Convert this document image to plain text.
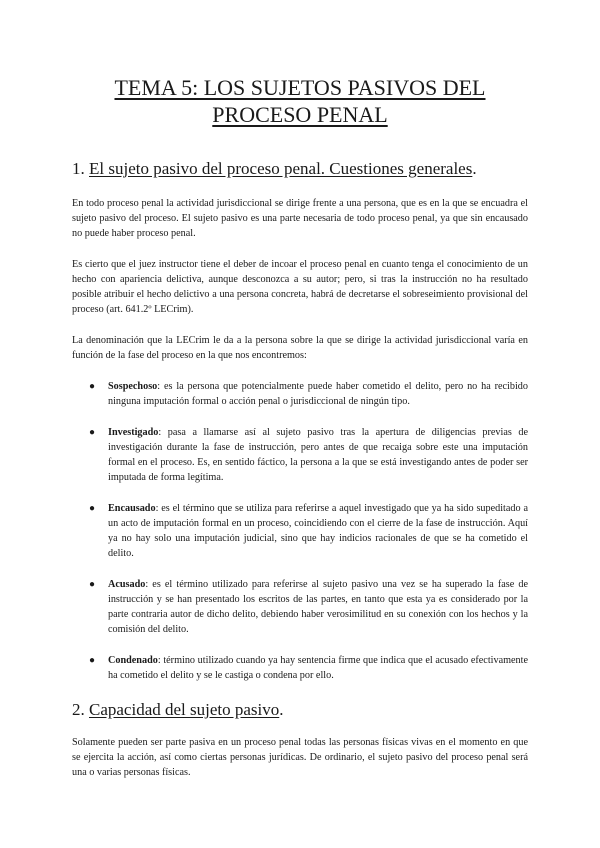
TEMA 5: LOS SUJETOS PASIVOS DEL
PROCESO PENAL
1. El sujeto pasivo del proceso penal. Cuestiones generales.

En todo proceso penal la actividad jurisdiccional se dirige frente a una persona, que es en la que se encuadra el sujeto pasivo del proceso. El sujeto pasivo es una parte necesaria de todo proceso penal, ya que sin encausado no puede haber proceso penal.

Es cierto que el juez instructor tiene el deber de incoar el proceso penal en cuanto tenga el conocimiento de un hecho con apariencia delictiva, aunque desconozca a su autor; pero, si tras la instrucción no ha resultado posible atribuir el hecho delictivo a una persona concreta, habrá de decretarse el sobreseimiento provisional del proceso (art. 641.2º LECrim).

La denominación que la LECrim le da a la persona sobre la que se dirige la actividad jurisdiccional varía en función de la fase del proceso en la que nos encontremos:

● Sospechoso: es la persona que potencialmente puede haber cometido el delito, pero no ha recibido ninguna imputación formal o acción penal o jurisdiccional de ningún tipo.
● Investigado: pasa a llamarse así al sujeto pasivo tras la apertura de diligencias previas de investigación durante la fase de instrucción, pero antes de que recaiga sobre este una imputación formal en el proceso. Es, en sentido fáctico, la persona a la que se está investigando antes de poder ser imputada de forma legítima.
● Encausado: es el término que se utiliza para referirse a aquel investigado que ya ha sido supeditado a un acto de imputación formal en un proceso, coincidiendo con el cierre de la fase de instrucción. Aquí ya no hay solo una imputación judicial, sino que hay indicios racionales de que se ha cometido el delito.
● Acusado: es el término utilizado para referirse al sujeto pasivo una vez se ha superado la fase de instrucción y se han presentado los escritos de las partes, en tanto que esta ya es considerado por la parte contraria autor de dicho delito, debiendo haber verosimilitud en su conexión con los hechos y la comisión del delito.
● Condenado: término utilizado cuando ya hay sentencia firme que indica que el acusado efectivamente ha cometido el delito y se le castiga o condena por ello.
2. Capacidad del sujeto pasivo.

Solamente pueden ser parte pasiva en un proceso penal todas las personas físicas vivas en el momento en que se ejercita la acción, así como ciertas personas jurídicas. De ordinario, el sujeto pasivo del proceso penal será una o varias personas físicas.
